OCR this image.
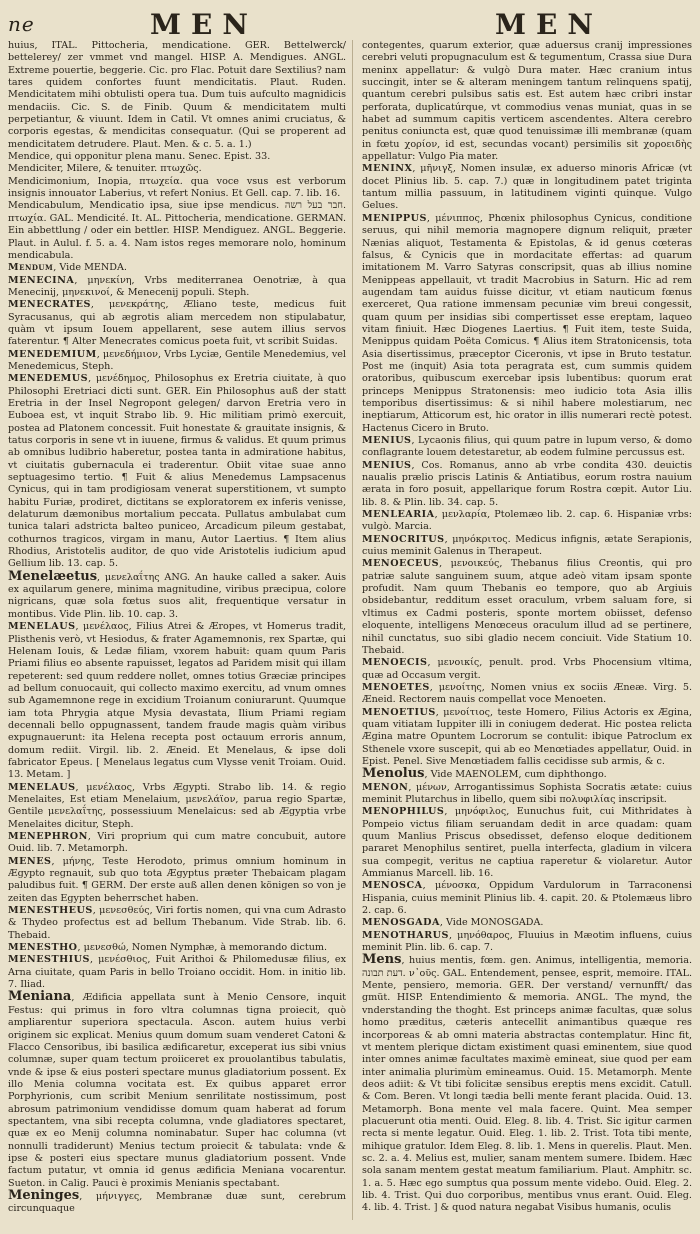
ne	MEN	MEN

huius, ITAL. Pittocheria, mendicatione. GER. Bettelwerck/ bettelerey/ zer vmmet vnd mangel. HISP. A. Mendigues. ANGL. Extreme pouertie, beggerie. Cic. pro Flac. Potuit dare Sextilius? nam tares quidem confortes fuunt mendicitatis. Plaut. Ruden. Mendicitatem mihi obtulisti opera tua. Dum tuis aufculto magnidicis mendaciis. Cic. S. de Finib. Quum & mendicitatem multi perpetiantur, & viuunt. Idem in Catil. Vt omnes animi cruciatus, & corporis egestas, & mendicitas consequatur. (Qui se properent ad mendicitatem detrudere. Plaut. Men. & c. 5. a. 1.)

Mendice, qui opponitur plena manu. Senec. Epist. 33.

Mendiciter, Milere, & tenuiter. πτωχῶς.

Mendicimonium, Inopia, πτωχεία. qua voce vsus est verborum insignis innouator Laberius, vt refert Nonius. Et Gell. cap. 7. lib. 16.

Mendicabulum, Mendicatio ipsa, siue ipse mendicus. חבר בעל רשה. πτωχία. GAL. Mendicité. It. AL. Pittocheria, mendicatione. GERMAN. Ein abbettlung / oder ein bettler. HISP. Mendiguez. ANGL. Beggerie. Plaut. in Aulul. f. 5. a. 4. Nam istos reges memorare nolo, hominum mendicabula.

Mendum, Vide MENDA.

MENECINA, μηνεκίνη, Vrbs mediterranea Oenotriæ, à qua Menecinij, μηνεκινοί, & Menecenij populi. Steph.

MENECRATES, μενεκράτης, Æliano teste, medicus fuit Syracusanus, qui ab ægrotis aliam mercedem non stipulabatur, quàm vt ipsum Iouem appellarent, sese autem illius servos faterentur. ¶ Alter Menecrates comicus poeta fuit, vt scribit Suidas.

MENEDEMIUM, μενεδήμιον, Vrbs Lyciæ, Gentile Menedemius, vel Menedemicus, Steph.

MENEDEMUS, μενέδημος, Philosophus ex Eretria ciuitate, à quo Philosophi Eretriaci dicti sunt. GER. Ein Philosophus auß der statt Eretria in der Insel Negropont gelegen/ darvon Eretria vero in Euboea est, vt inquit Strabo lib. 9. Hic militiam primò exercuit, postea ad Platonem concessit. Fuit honestate & grauitate insignis, & tatus corporis in sene vt in iuuene, firmus & validus. Et quum primus ab omnibus ludibrio haberetur, postea tanta in admiratione habitus, vt ciuitatis gubernacula ei traderentur. Obiit vitae suae anno septuagesimo tertio. ¶ Fuit & alius Menedemus Lampsacenus Cynicus, qui in tam prodigiosam venerat superstitionem, vt sumpto habitu Furiæ, prodiret, dictitans se exploratorem ex inferis venisse, delaturum dæmonibus mortalium peccata. Pullatus ambulabat cum tunica talari adstricta balteo puniceo, Arcadicum pileum gestabat, cothurnos tragicos, virgam in manu, Autor Laertius. ¶ Item alius Rhodius, Aristotelis auditor, de quo vide Aristotelis iudicium apud Gellium lib. 13. cap. 5.

Menelæetus, μενελαΐτης ANG. An hauke called a saker. Auis ex aquilarum genere, minima magnitudine, viribus præcipua, colore nigricans, quæ sola fœtus suos alit, frequentique versatur in montibus. Vide Plin. lib. 10. cap. 3.

MENELAUS, μενέλαος, Filius Atrei & Æropes, vt Homerus tradit, Plisthenis verò, vt Hesiodus, & frater Agamemnonis, rex Spartæ, qui Helenam Iouis, & Ledæ filiam, vxorem habuit: quam quum Paris Priami filius eo absente rapuisset, legatos ad Paridem misit qui illam repeterent: sed quum reddere nollet, omnes totius Græciæ principes ad bellum conuocauit, qui collecto maximo exercitu, ad vnum omnes sub Agamemnone rege in excidium Troianum coniurarunt. Quumque iam tota Phrygia atque Mysia devastata, Ilium Priami regiam decennali bello oppugnassent, tandem fraude magis quàm viribus expugnauerunt: ita Helena recepta post octauum erroris annum, domum rediit. Virgil. lib. 2. Æneid. Et Menelaus, & ipse doli fabricator Epeus. [ Menelaus legatus cum Vlysse venit Troiam. Ouid. 13. Metam. ]

MENELAUS, μενέλαος, Vrbs Ægypti. Strabo lib. 14. & regio Menelaites, Est etiam Menelaium, μενελάϊον, parua regio Spartæ, Gentile μενελαΐτης, possessiuum Menelaicus: sed ab Ægyptia vrbe Menelaites dicitur, Steph.

MENEPHRON, Viri proprium qui cum matre concubuit, autore Ouid. lib. 7. Metamorph.

MENES, μήνης, Teste Herodoto, primus omnium hominum in Ægypto regnauit, sub quo tota Ægyptus præter Thebaicam plagam paludibus fuit. ¶ GERM. Der erste auß allen denen königen so von je zeiten das Egypten beherrschet haben.

MENESTHEUS, μενεσθεύς, Viri fortis nomen, qui vna cum Adrasto & Thydeo profectus est ad bellum Thebanum. Vide Strab. lib. 6. Thebaid.

MENESTHO, μενεσθώ, Nomen Nymphæ, à memorando dictum.

MENESTHIUS, μενέσθιος, Fuit Arithoi & Philomedusæ filius, ex Arna ciuitate, quam Paris in bello Troiano occidit. Hom. in initio lib. 7. Iliad.

Meniana, Ædificia appellata sunt à Menio Censore, inquit Festus: qui primus in foro vltra columnas tigna proiecit, quò ampliarentur superiora spectacula. Ascon. autem huius verbi originem sic explicat. Menius quum domum suam venderet Catoni & Flacco Censoribus, ibi basilica ædificaretur, exceperat ius sibi vnius columnæ, super quam tectum proiiceret ex prouolantibus tabulatis, vnde & ipse & eius posteri spectare munus gladiatorium possent. Ex illo Menia columna vocitata est. Ex quibus apparet error Porphyrionis, cum scribit Menium senrilitate nostissimum, post abrosum patrimonium vendidisse domum quam haberat ad forum spectantem, vna sibi recepta columna, vnde gladiatores spectaret, quæ ex eo Menij columna nominabatur. Super hac columna (vt nonnulli tradiderunt) Menius tectum proiecit & tabulata: vnde & ipse & posteri eius spectare munus gladiatorium possent. Vnde factum putatur, vt omnia id genus ædificia Meniana vocarentur. Sueton. in Calig. Pauci è proximis Menianis spectabant.

Meninges, μήνιγγες, Membranæ duæ sunt, cerebrum circunquaque

contegentes, quarum exterior, quæ aduersus cranij impressiones cerebri veluti propugnaculum est & tegumentum, Crassa siue Dura meninx appellatur: & vulgò Dura mater. Hæc cranium intus succingit, inter se & alteram meningem tantum relinquens spatij, quantum cerebri pulsibus satis est. Est autem hæc cribri instar perforata, duplicatúrque, vt commodius venas muniat, quas in se habet ad summum capitis verticem ascendentes. Altera cerebro penitus coniuncta est, quæ quod tenuissimæ illi membranæ (quam in fœtu χορίον, id est, secundas vocant) persimilis sit χοροειδὴς appellatur: Vulgo Pia mater.

MENINX, μῆνιγξ, Nomen insulæ, ex aduerso minoris Africæ (vt docet Plinius lib. 5. cap. 7.) quæ in longitudinem patet triginta tantum millia passuum, in latitudinem viginti quinque. Vulgo Gelues.

MENIPPUS, μένιππος, Phœnix philosophus Cynicus, conditione seruus, qui nihil memoria magnopere dignum reliquit, præter Nænias aliquot, Testamenta & Epistolas, & id genus cœteras falsus, & Cynicis que in mordacitate effertas: ad quarum imitationem M. Varro Satyras conscripsit, quas ab illius nomine Menippeas appellauit, vt tradit Macrobius in Saturn. Hic ad rem augendam tam auidus fuisse dicitur, vt etiam nauticum fœnus exerceret, Qua ratione immensam pecuniæ vim breui congessit, quam quum per insidias sibi compertisset esse ereptam, laqueo vitam finiuit. Hæc Diogenes Laertius. ¶ Fuit item, teste Suida, Menippus quidam Poëta Comicus. ¶ Alius item Stratonicensis, tota Asia disertissimus, præceptor Ciceronis, vt ipse in Bruto testatur. Post me (inquit) Asia tota peragrata est, cum summis quidem oratoribus, quibuscum exercebar ipsis lubentibus: quorum erat princeps Menippus Stratonensis: meo iudicio tota Asia illis temporibus disertissimus: & si nihil habere molestiarum, nec ineptiarum, Atticorum est, hic orator in illis numerari rectè potest. Hactenus Cicero in Bruto.

MENIUS, Lycaonis filius, qui quum patre in lupum verso, & domo conflagrante louem detestaretur, ab eodem fulmine percussus est.

MENIUS, Cos. Romanus, anno ab vrbe condita 430. deuictis naualis prælio priscis Latinis & Antiatibus, eorum rostra nauium ærata in foro posuit, appellarique forum Rostra cœpit. Autor Liu. lib. 8. & Plin. lib. 34. cap. 5.

MENLEARIA, μενλαρία, Ptolemæo lib. 2. cap. 6. Hispaniæ vrbs: vulgò. Marcia.

MENOCRITUS, μηνόκριτος. Medicus infignis, ætate Serapionis, cuius meminit Galenus in Therapeut.

MENOECEUS, μενοικεύς, Thebanus filius Creontis, qui pro patriæ salute sanguinem suum, atque adeò vitam ipsam sponte profudit. Nam quum Thebanis eo tempore, quo ab Argiuis obsidebantur, redditum esset oraculum, vrbem saluam fore, si vltimus ex Cadmi posteris, sponte mortem obiisset, defenso eloquente, intelligens Menœceus oraculum illud ad se pertinere, nihil cunctatus, suo sibi gladio necem conciuit. Vide Statium 10. Thebaid.

MENOECIS, μενοικίς, penult. prod. Vrbs Phocensium vltima, quæ ad Occasum vergit.

MENOETES, μενοίτης, Nomen vnius ex sociis Æneæ. Virg. 5. Æneid. Rectorem nauis compellat voce Menoeten.

MENOETIUS, μενοίτιος, teste Homero, Filius Actoris ex Ægina, quam vitiatam Iuppiter illi in coniugem dederat. Hic postea relicta Ægina matre Opuntem Locrorum se contulit: ibique Patroclum ex Sthenele vxore suscepit, qui ab eo Menœtiades appellatur, Ouid. in Epist. Penel. Sive Menœtiadem fallis cecidisse sub armis, & c.

Menolus, Vide MAENOLEM, cum diphthongo.

MENON, μένων, Arrogantissimus Sophista Socratis ætate: cuius meminit Plutarchus in libello, quem sibi πολυφιλίας inscripsit.

MENOPHILUS, μηνόφιλος, Eunuchus fuit, cui Mithridates à Pompeio victus filiam seruandam dedit in arce quadam: quam quum Manlius Priscus obsedisset, defenso eloque deditionem pararet Menophilus sentiret, puella interfecta, gladium in vilcera sua compegit, veritus ne captiua raperetur & violaretur. Autor Ammianus Marcell. lib. 16.

MENOSCA, μένοσκα, Oppidum Vardulorum in Tarraconensi Hispania, cuius meminit Plinius lib. 4. capit. 20. & Ptolemæus libro 2. cap. 6.

MENOSGADA, Vide MONOSGADA.

MENOTHARUS, μηνόθαρος, Fluuius in Mæotim influens, cuius meminit Plin. lib. 6. cap. 7.

Mens, huius mentis, fœm. gen. Animus, intelligentia, memoria. דעת תבונה. ν᾽οῦς. GAL. Entendement, pensee, esprit, memoire. ITAL. Mente, pensiero, memoria. GER. Der verstand/ vernunfft/ das gmüt. HISP. Entendimiento & memoria. ANGL. The mynd, the vnderstanding the thoght. Est princeps animæ facultas, quæ solus homo præditus, cæteris antecellit animantibus quæque res incorporeas & ab omni materia abstractas contemplatur. Hinc fit, vt mentem plerique dictam existiment quasi eminentem, siue quod inter omnes animæ facultates maximè emineat, siue quod per eam inter animalia plurimùm emineamus. Ouid. 15. Metamorph. Mente deos adiit: & Vt tibi folicitæ sensibus ereptis mens excidit. Catull. & Com. Beren. Vt longi tædia belli mente ferant placida. Ouid. 13. Metamorph. Bona mente vel mala facere. Quint. Mea semper placuerunt otia menti. Ouid. Eleg. 8. lib. 4. Trist. Sic igitur carmen recta si mente legatur. Ouid. Eleg. 1. lib. 2. Trist. Tota tibi mente, mihique gratulor. Idem Eleg. 8. lib. 1. Mens in querelis. Plaut. Men. sc. 2. a. 4. Melius est, mulier, sanam mentem sumere. Ibidem. Hæc sola sanam mentem gestat meatum familiarium. Plaut. Amphitr. sc. 1. a. 5. Hæc ego sumptus qua possum mente videbo. Ouid. Eleg. 2. lib. 4. Trist. Qui duo corporibus, mentibus vnus erant. Ouid. Eleg. 4. lib. 4. Trist. ] & quod natura negabat Visibus humanis, oculis
